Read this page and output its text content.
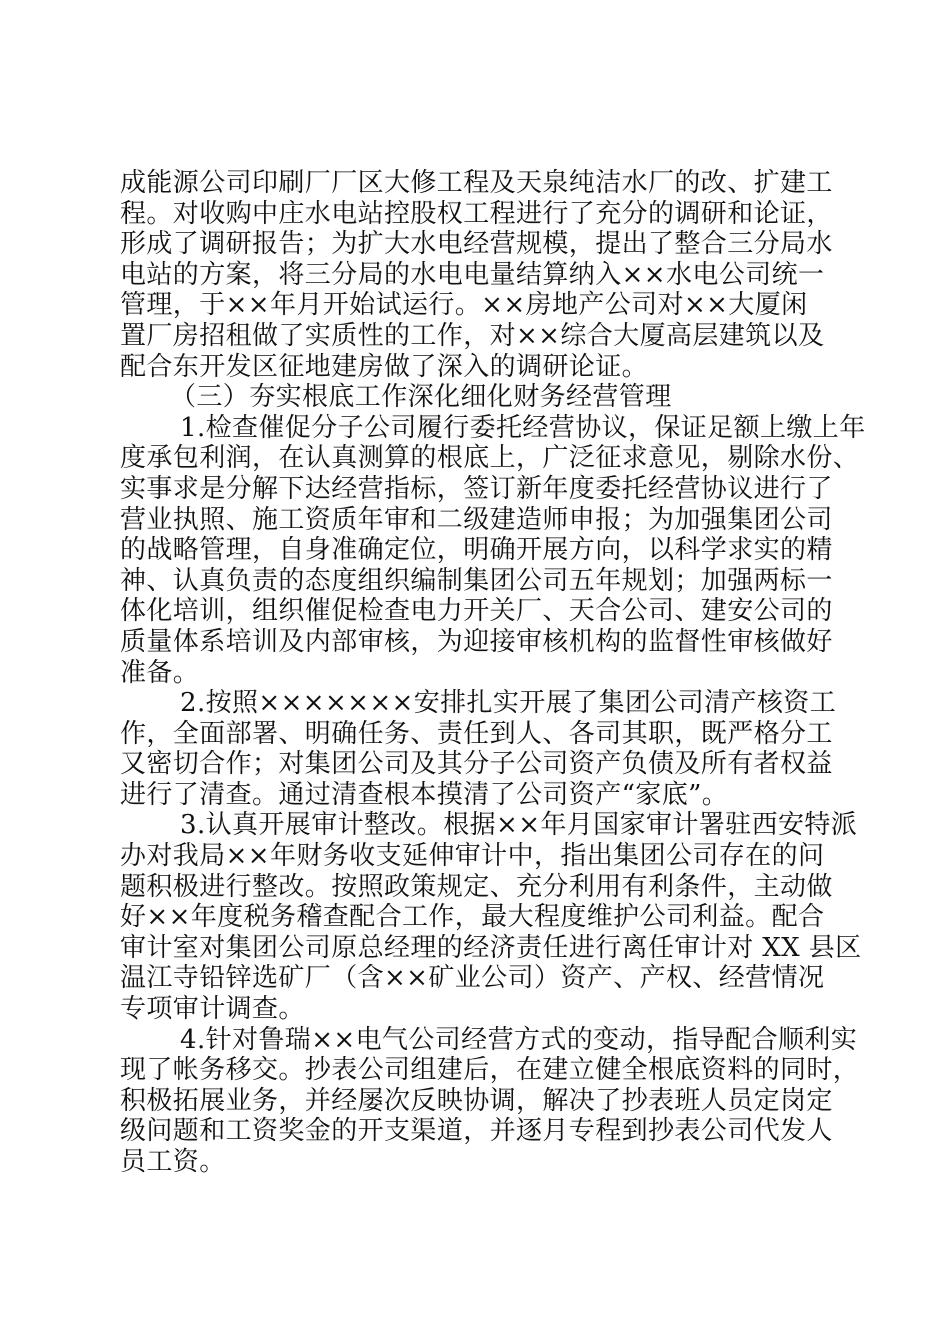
成能源公司印刷厂厂区大修工程及天泉纯洁水厂的改、扩建工
程。对收购中庄水电站控股权工程进行了充分的调研和论证，
形成了调研报告；为扩大水电经营规模，提出了整合三分局水
电站的方案，将三分局的水电电量结算纳入××水电公司统一
管理，于××年月开始试运行。××房地产公司对××大厦闲
置厂房招租做了实质性的工作，对××综合大厦高层建筑以及
配合东开发区征地建房做了深入的调研论证。
（三）夯实根底工作深化细化财务经营管理
1.检查催促分子公司履行委托经营协议，保证足额上缴上年
度承包利润，在认真测算的根底上，广泛征求意见，剔除水份、
实事求是分解下达经营指标，签订新年度委托经营协议进行了
营业执照、施工资质年审和二级建造师申报；为加强集团公司
的战略管理，自身准确定位，明确开展方向，以科学求实的精
神、认真负责的态度组织编制集团公司五年规划；加强两标一
体化培训，组织催促检查电力开关厂、天合公司、建安公司的
质量体系培训及内部审核，为迎接审核机构的监督性审核做好
准备。
2.按照×××××××安排扎实开展了集团公司清产核资工
作，全面部署、明确任务、责任到人、各司其职，既严格分工
又密切合作；对集团公司及其分子公司资产负债及所有者权益
进行了清查。通过清查根本摸清了公司资产“家底”。
3.认真开展审计整改。根据××年月国家审计署驻西安特派
办对我局××年财务收支延伸审计中，指出集团公司存在的问
题积极进行整改。按照政策规定、充分利用有利条件，主动做
好××年度税务稽查配合工作，最大程度维护公司利益。配合
审计室对集团公司原总经理的经济责任进行离任审计对 XX 县区
温江寺铅锌选矿厂（含××矿业公司）资产、产权、经营情况
专项审计调查。
4.针对鲁瑞××电气公司经营方式的变动，指导配合顺利实
现了帐务移交。抄表公司组建后，在建立健全根底资料的同时，
积极拓展业务，并经屡次反映协调，解决了抄表班人员定岗定
级问题和工资奖金的开支渠道，并逐月专程到抄表公司代发人
员工资。
